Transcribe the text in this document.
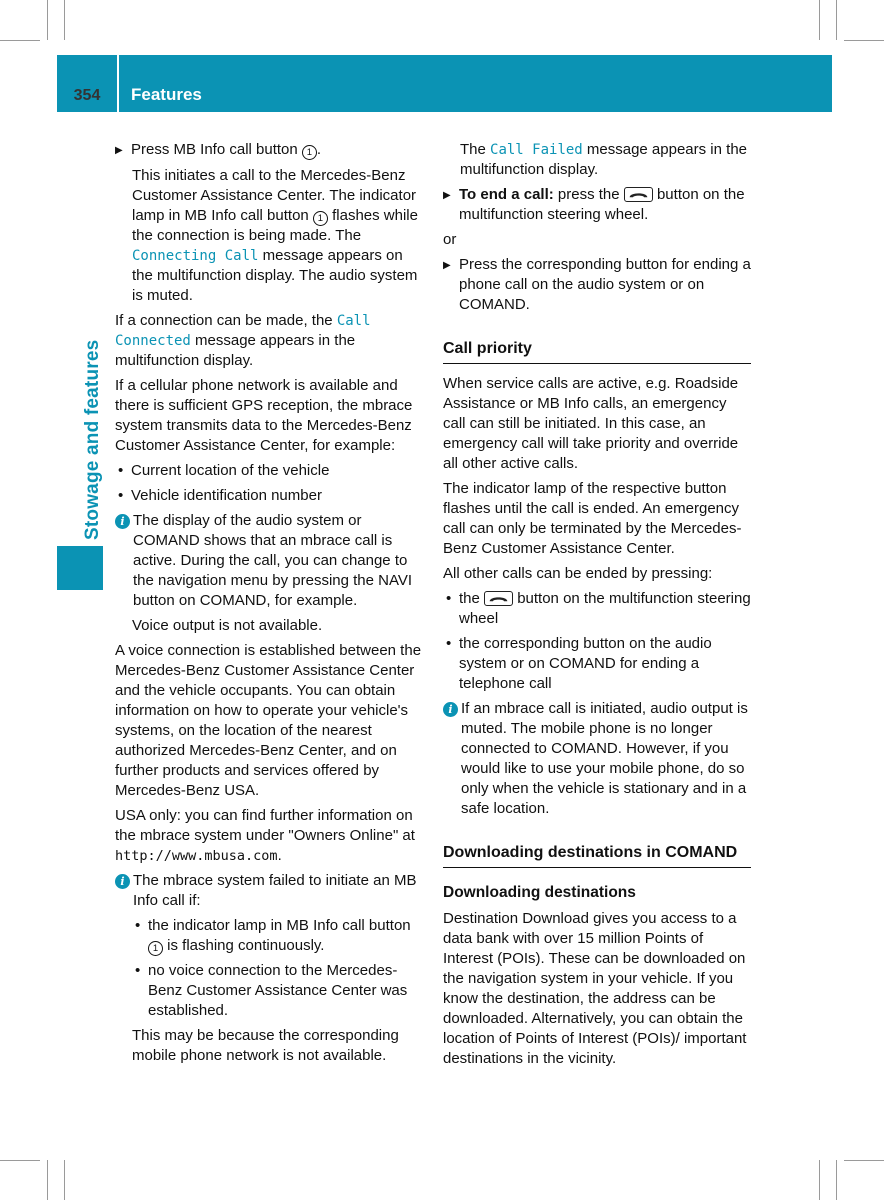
354	Features
Stowage and features
▶ Press MB Info call button 1 .
This initiates a call to the Mercedes-Benz Customer Assistance Center. The indicator lamp in MB Info call button 1 flashes while the connection is being made. The Connecting Call message appears on the multifunction display. The audio system is muted.
If a connection can be made, the Call Connected message appears in the multifunction display.
If a cellular phone network is available and there is sufficient GPS reception, the mbrace system transmits data to the Mercedes-Benz Customer Assistance Center, for example:
• Current location of the vehicle
• Vehicle identification number
i The display of the audio system or COMAND shows that an mbrace call is active. During the call, you can change to the navigation menu by pressing the NAVI button on COMAND, for example.
Voice output is not available.
A voice connection is established between the Mercedes-Benz Customer Assistance Center and the vehicle occupants. You can obtain information on how to operate your vehicle's systems, on the location of the nearest authorized Mercedes-Benz Center, and on further products and services offered by Mercedes-Benz USA.
USA only: you can find further information on the mbrace system under "Owners Online" at http://www.mbusa.com.
i The mbrace system failed to initiate an MB Info call if:
• the indicator lamp in MB Info call button 1 is flashing continuously.
• no voice connection to the Mercedes-Benz Customer Assistance Center was established.
This may be because the corresponding mobile phone network is not available.
The Call Failed message appears in the multifunction display.
▶ To end a call: press the
button on the multifunction steering wheel.
or
▶ Press the corresponding button for ending a phone call on the audio system or on COMAND.
Call priority
When service calls are active, e.g. Roadside Assistance or MB Info calls, an emergency call can still be initiated. In this case, an emergency call will take priority and override all other active calls.
The indicator lamp of the respective button flashes until the call is ended. An emergency call can only be terminated by the Mercedes-Benz Customer Assistance Center.
All other calls can be ended by pressing:
• the
button on the multifunction steering wheel
• the corresponding button on the audio system or on COMAND for ending a telephone call
i If an mbrace call is initiated, audio output is muted. The mobile phone is no longer connected to COMAND. However, if you would like to use your mobile phone, do so only when the vehicle is stationary and in a safe location.
Downloading destinations in COMAND
Downloading destinations
Destination Download gives you access to a data bank with over 15 million Points of Interest (POIs). These can be downloaded on the navigation system in your vehicle. If you know the destination, the address can be downloaded. Alternatively, you can obtain the location of Points of Interest (POIs)/ important destinations in the vicinity.
